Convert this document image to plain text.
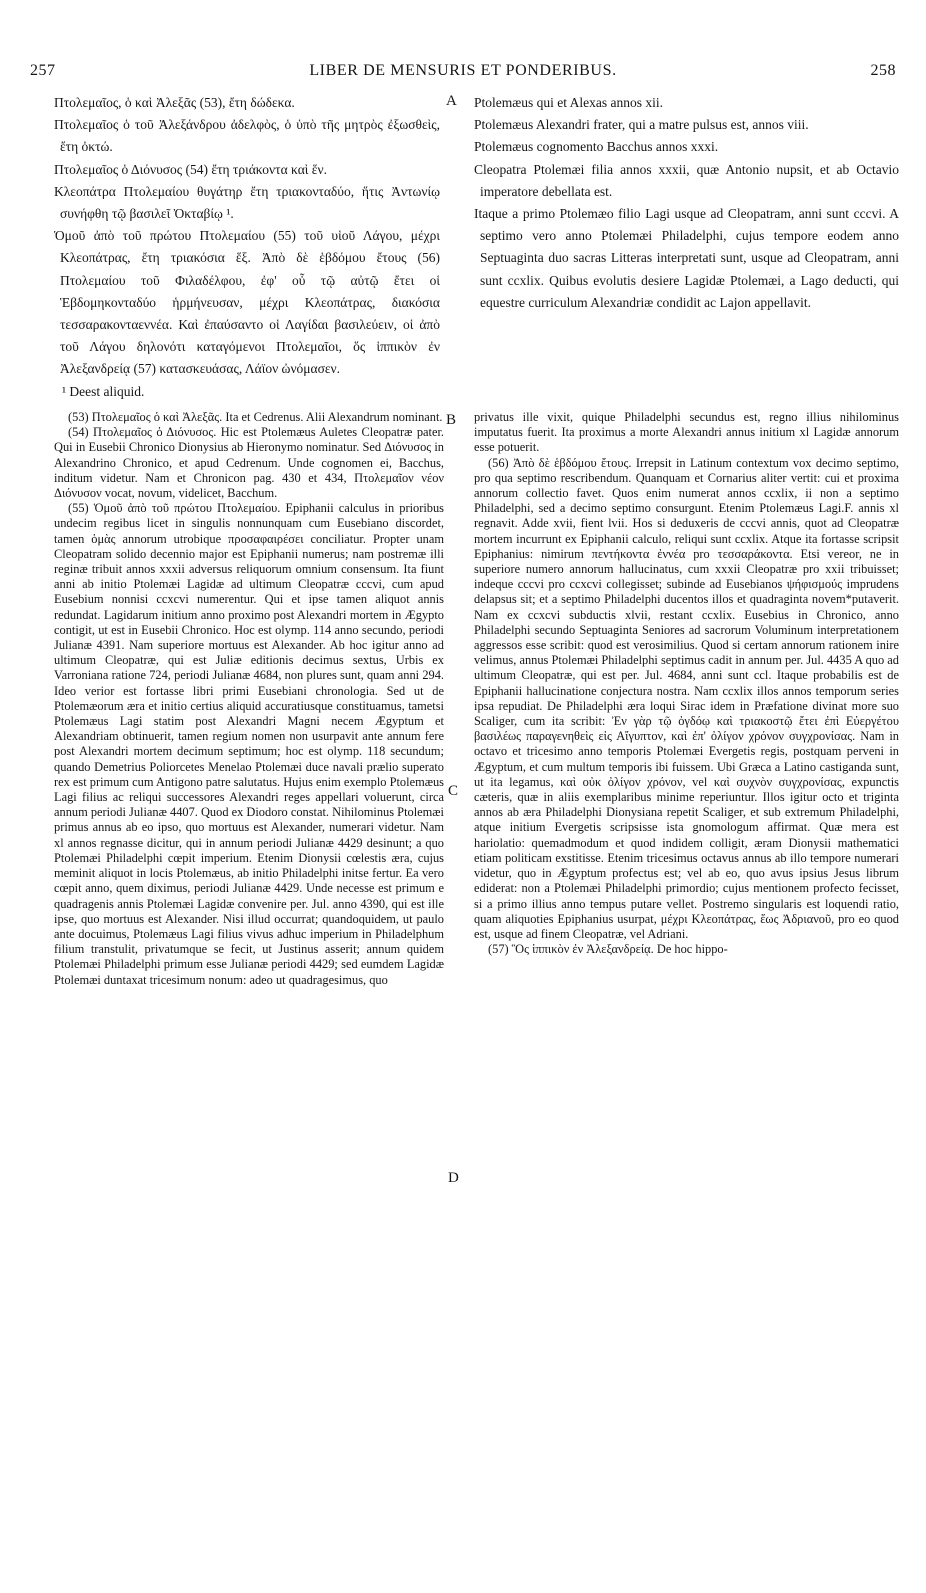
257	LIBER DE MENSURIS ET PONDERIBUS.	258
A
B
C
D

Πτολεμαῖος, ὁ καὶ Ἀλεξᾶς (53), ἔτη δώδεκα.

Πτολεμαῖος ὁ τοῦ Ἀλεξάνδρου ἀδελφὸς, ὁ ὑπὸ τῆς μητρὸς ἐξωσθεὶς, ἔτη ὀκτώ.

Πτολεμαῖος ὁ Διόνυσος (54) ἔτη τριάκοντα καὶ ἕν.

Κλεοπάτρα Πτολεμαίου θυγάτηρ ἔτη τριακονταδύο, ἥτις Ἀντωνίῳ συνήφθη τῷ βασιλεῖ Ὀκταβίῳ ¹.

Ὁμοῦ ἀπὸ τοῦ πρώτου Πτολεμαίου (55) τοῦ υἱοῦ Λάγου, μέχρι Κλεοπάτρας, ἔτη τριακόσια ἕξ. Ἀπὸ δὲ ἑβδόμου ἔτους (56) Πτολεμαίου τοῦ Φιλαδέλφου, ἐφ' οὗ τῷ αὐτῷ ἔτει οἱ Ἑβδομηκονταδύο ἡρμήνευσαν, μέχρι Κλεοπάτρας, διακόσια τεσσαρακονταεννέα. Καὶ ἐπαύσαντο οἱ Λαγίδαι βασιλεύειν, οἱ ἀπὸ τοῦ Λάγου δηλονότι καταγόμενοι Πτολεμαῖοι, ὅς ἱππικὸν ἐν Ἀλεξανδρείᾳ (57) κατασκευάσας, Λάϊον ὠνόμασεν.

Ptolemæus qui et Alexas annos xii.

Ptolemæus Alexandri frater, qui a matre pulsus est, annos viii.

Ptolemæus cognomento Bacchus annos xxxi.

Cleopatra Ptolemæi filia annos xxxii, quæ Antonio nupsit, et ab Octavio imperatore debellata est.

Itaque a primo Ptolemæo filio Lagi usque ad Cleopatram, anni sunt cccvi. A septimo vero anno Ptolemæi Philadelphi, cujus tempore eodem anno Septuaginta duo sacras Litteras interpretati sunt, usque ad Cleopatram, anni sunt ccxlix. Quibus evolutis desiere Lagidæ Ptolemæi, a Lago deducti, qui equestre curriculum Alexandriæ condidit ac Lajon appellavit.

¹ Deest aliquid.

(53) Πτολεμαῖος ὁ καὶ Ἀλεξᾶς. Ita et Cedrenus. Alii Alexandrum nominant.

(54) Πτολεμαῖος ὁ Διόνυσος. Hic est Ptolemæus Auletes Cleopatræ pater. Qui in Eusebii Chronico Dionysius ab Hieronymo nominatur. Sed Διόνυσος in Alexandrino Chronico, et apud Cedrenum. Unde cognomen ei, Bacchus, inditum videtur. Nam et Chronicon pag. 430 et 434, Πτολεμαῖον νέον Διόνυσον vocat, novum, videlicet, Bacchum.

(55) Ὁμοῦ ἀπὸ τοῦ πρώτου Πτολεμαίου. Epiphanii calculus in prioribus undecim regibus licet in singulis nonnunquam cum Eusebiano discordet, tamen ὁμὰς annorum utrobique προσαφαιρέσει conciliatur. Propter unam Cleopatram solido decennio major est Epiphanii numerus; nam postremæ illi reginæ tribuit annos xxxii adversus reliquorum omnium consensum. Ita fiunt anni ab initio Ptolemæi Lagidæ ad ultimum Cleopatræ cccvi, cum apud Eusebium nonnisi ccxcvi numerentur. Qui et ipse tamen aliquot annis redundat. Lagidarum initium anno proximo post Alexandri mortem in Ægypto contigit, ut est in Eusebii Chronico. Hoc est olymp. 114 anno secundo, periodi Julianæ 4391. Nam superiore mortuus est Alexander. Ab hoc igitur anno ad ultimum Cleopatræ, qui est Juliæ editionis decimus sextus, Urbis ex Varroniana ratione 724, periodi Julianæ 4684, non plures sunt, quam anni 294. Ideo verior est fortasse libri primi Eusebiani chronologia. Sed ut de Ptolemæorum æra et initio certius aliquid accuratiusque constituamus, tametsi Ptolemæus Lagi statim post Alexandri Magni necem Ægyptum et Alexandriam obtinuerit, tamen regium nomen non usurpavit ante annum fere post Alexandri mortem decimum septimum; hoc est olymp. 118 secundum; quando Demetrius Poliorcetes Menelao Ptolemæi duce navali prælio superato rex est primum cum Antigono patre salutatus. Hujus enim exemplo Ptolemæus Lagi filius ac reliqui successores Alexandri reges appellari voluerunt, circa annum periodi Julianæ 4407. Quod ex Diodoro constat. Nihilominus Ptolemæi primus annus ab eo ipso, quo mortuus est Alexander, numerari videtur. Nam xl annos regnasse dicitur, qui in annum periodi Julianæ 4429 desinunt; a quo Ptolemæi Philadelphi cœpit imperium. Etenim Dionysii cœlestis æra, cujus meminit aliquot in locis Ptolemæus, ab initio Philadelphi initse fertur. Ea vero cœpit anno, quem diximus, periodi Julianæ 4429. Unde necesse est primum e quadragenis annis Ptolemæi Lagidæ convenire per. Jul. anno 4390, qui est ille ipse, quo mortuus est Alexander. Nisi illud occurrat; quandoquidem, ut paulo ante docuimus, Ptolemæus Lagi filius vivus adhuc imperium in Philadelphum filium transtulit, privatumque se fecit, ut Justinus asserit; annum quidem Ptolemæi Philadelphi primum esse Julianæ periodi 4429; sed eumdem Lagidæ Ptolemæi duntaxat tricesimum nonum: adeo ut quadragesimus, quo

privatus ille vixit, quique Philadelphi secundus est, regno illius nihilominus imputatus fuerit. Ita proximus a morte Alexandri annus initium xl Lagidæ annorum esse potuerit.

(56) Ἀπὸ δὲ ἑβδόμου ἔτους. Irrepsit in Latinum contextum vox decimo septimo, pro qua septimo rescribendum. Quanquam et Cornarius aliter vertit: cui et proxima annorum collectio favet. Quos enim numerat annos ccxlix, ii non a septimo Philadelphi, sed a decimo septimo consurgunt. Etenim Ptolemæus Lagi.F. annis xl regnavit. Adde xvii, fient lvii. Hos si deduxeris de cccvi annis, quot ad Cleopatræ mortem incurrunt ex Epiphanii calculo, reliqui sunt ccxlix. Atque ita fortasse scripsit Epiphanius: nimirum πεντήκοντα ἐννέα pro τεσσαράκοντα. Etsi vereor, ne in superiore numero annorum hallucinatus, cum xxxii Cleopatræ pro xxii tribuisset; indeque cccvi pro ccxcvi collegisset; subinde ad Eusebianos ψήφισμούς imprudens delapsus sit; et a septimo Philadelphi ducentos illos et quadraginta novem*putaverit. Nam ex ccxcvi subductis xlvii, restant ccxlix. Eusebius in Chronico, anno Philadelphi secundo Septuaginta Seniores ad sacrorum Voluminum interpretationem aggressos esse scribit: quod est verosimilius. Quod si certam annorum rationem inire velimus, annus Ptolemæi Philadelphi septimus cadit in annum per. Jul. 4435 A quo ad ultimum Cleopatræ, qui est per. Jul. 4684, anni sunt ccl. Itaque probabilis est de Epiphanii hallucinatione conjectura nostra. Nam ccxlix illos annos temporum series ipsa repudiat. De Philadelphi æra loqui Sirac idem in Præfatione divinat more suo Scaliger, cum ita scribit: Ἐν γὰρ τῷ ὀγδόῳ καὶ τριακοστῷ ἔτει ἐπὶ Εὐεργέτου βασιλέως παραγενηθεὶς εἰς Αἴγυπτον, καὶ ἐπ' ὀλίγον χρόνον συγχρονίσας. Nam in octavo et tricesimo anno temporis Ptolemæi Evergetis regis, postquam perveni in Ægyptum, et cum multum temporis ibi fuissem. Ubi Græca a Latino castiganda sunt, ut ita legamus, καὶ οὐκ ὀλίγον χρόνον, vel καὶ συχνὸν συγχρονίσας, expunctis cæteris, quæ in aliis exemplaribus minime reperiuntur. Illos igitur octo et triginta annos ab æra Philadelphi Dionysiana repetit Scaliger, et sub extremum Philadelphi, atque initium Evergetis scripsisse ista gnomologum affirmat. Quæ mera est hariolatio: quemadmodum et quod indidem colligit, æram Dionysii mathematici etiam politicam exstitisse. Etenim tricesimus octavus annus ab illo tempore numerari videtur, quo in Ægyptum profectus est; vel ab eo, quo avus ipsius Jesus librum ediderat: non a Ptolemæi Philadelphi primordio; cujus mentionem profecto fecisset, si a primo illius anno tempus putare vellet. Postremo singularis est loquendi ratio, quam aliquoties Epiphanius usurpat, μέχρι Κλεοπάτρας, ἕως Ἀδριανοῦ, pro eo quod est, usque ad finem Cleopatræ, vel Adriani.

(57) Ὃς ἱππικὸν ἐν Ἀλεξανδρείᾳ. De hoc hippo-
